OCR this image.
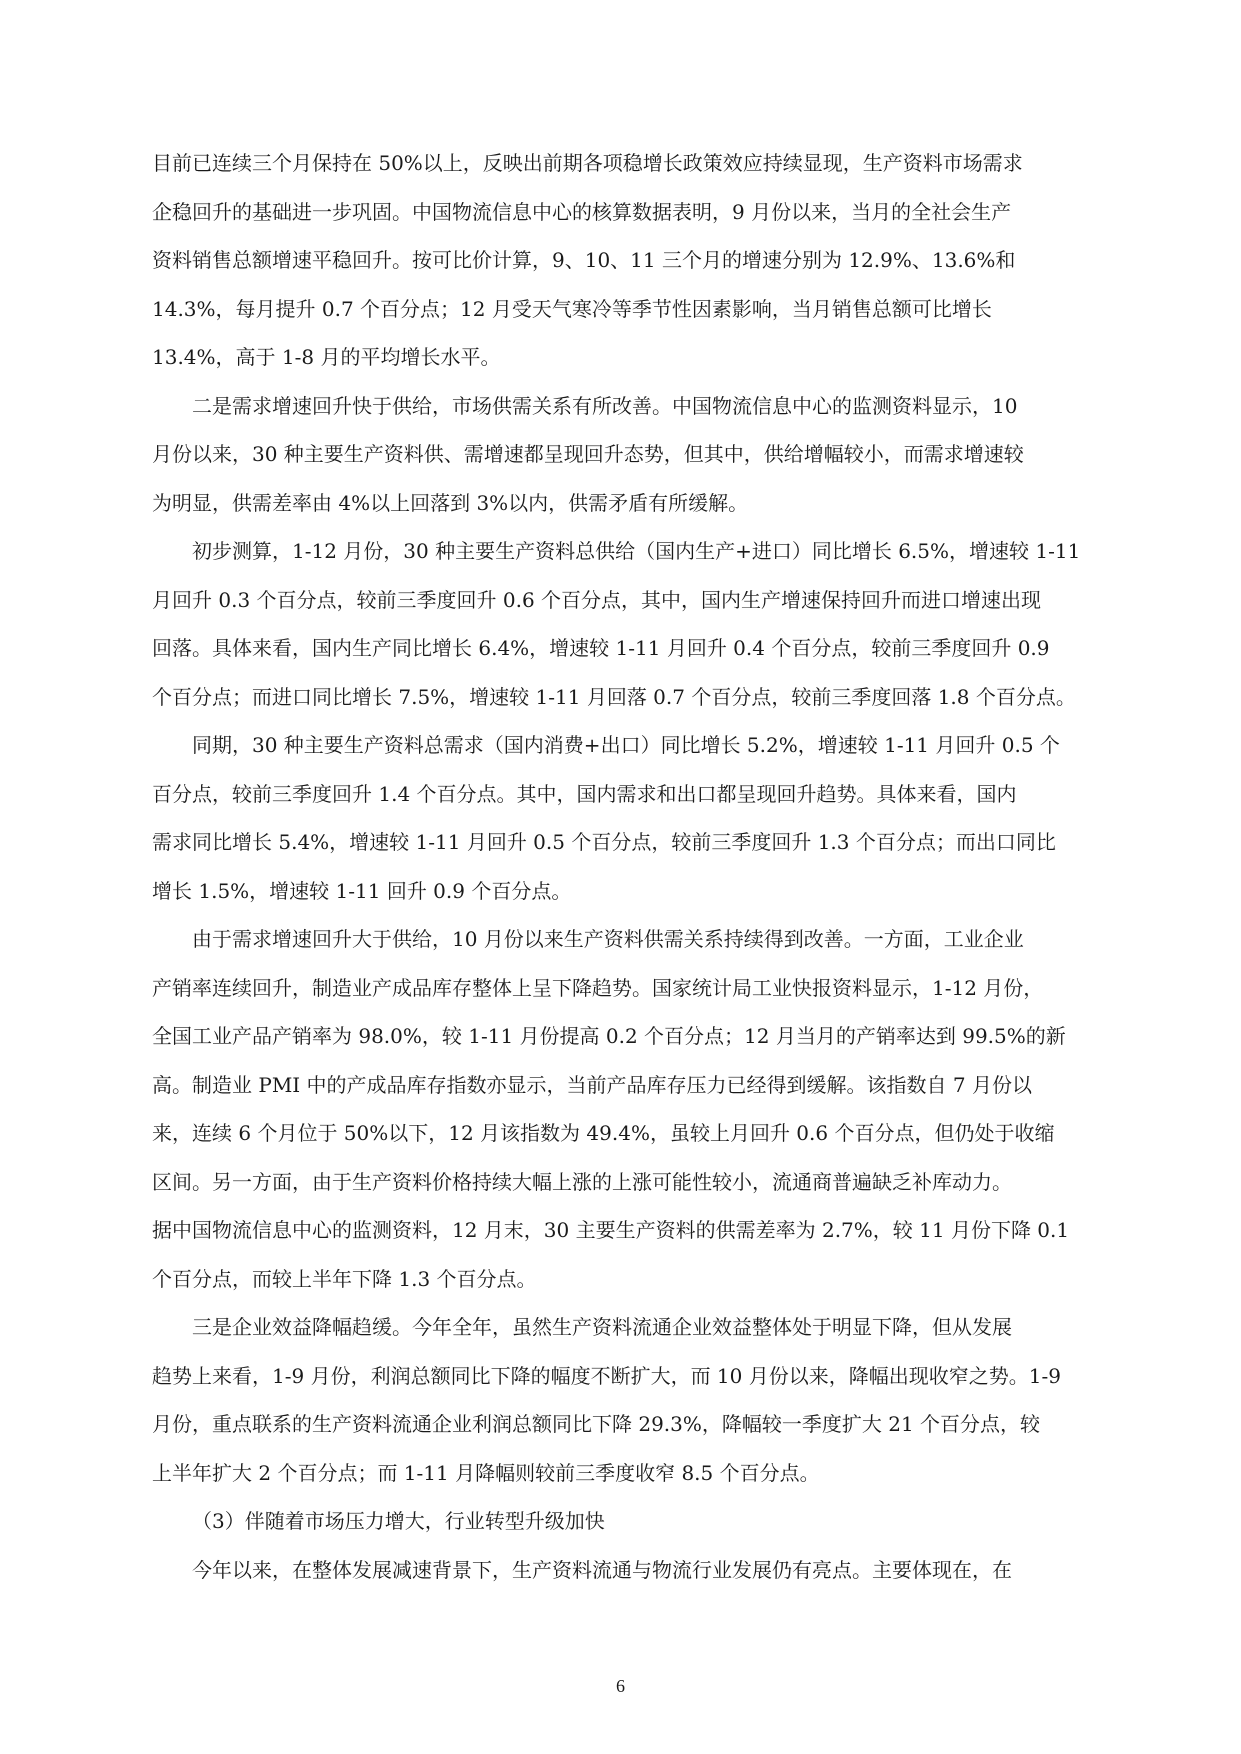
目前已连续三个月保持在 50%以上，反映出前期各项稳增长政策效应持续显现，生产资料市场需求
企稳回升的基础进一步巩固。中国物流信息中心的核算数据表明，9 月份以来，当月的全社会生产
资料销售总额增速平稳回升。按可比价计算，9、10、11 三个月的增速分别为 12.9%、13.6%和
14.3%，每月提升 0.7 个百分点；12 月受天气寒冷等季节性因素影响，当月销售总额可比增长
13.4%，高于 1-8 月的平均增长水平。
二是需求增速回升快于供给，市场供需关系有所改善。中国物流信息中心的监测资料显示，10
月份以来，30 种主要生产资料供、需增速都呈现回升态势，但其中，供给增幅较小，而需求增速较
为明显，供需差率由 4%以上回落到 3%以内，供需矛盾有所缓解。
初步测算，1-12 月份，30 种主要生产资料总供给（国内生产+进口）同比增长 6.5%，增速较 1-11
月回升 0.3 个百分点，较前三季度回升 0.6 个百分点，其中，国内生产增速保持回升而进口增速出现
回落。具体来看，国内生产同比增长 6.4%，增速较 1-11 月回升 0.4 个百分点，较前三季度回升 0.9
个百分点；而进口同比增长 7.5%，增速较 1-11 月回落 0.7 个百分点，较前三季度回落 1.8 个百分点。
同期，30 种主要生产资料总需求（国内消费+出口）同比增长 5.2%，增速较 1-11 月回升 0.5 个
百分点，较前三季度回升 1.4 个百分点。其中，国内需求和出口都呈现回升趋势。具体来看，国内
需求同比增长 5.4%，增速较 1-11 月回升 0.5 个百分点，较前三季度回升 1.3 个百分点；而出口同比
增长 1.5%，增速较 1-11 回升 0.9 个百分点。
由于需求增速回升大于供给，10 月份以来生产资料供需关系持续得到改善。一方面，工业企业
产销率连续回升，制造业产成品库存整体上呈下降趋势。国家统计局工业快报资料显示，1-12 月份，
全国工业产品产销率为 98.0%，较 1-11 月份提高 0.2 个百分点；12 月当月的产销率达到 99.5%的新
高。制造业 PMI 中的产成品库存指数亦显示，当前产品库存压力已经得到缓解。该指数自 7 月份以
来，连续 6 个月位于 50%以下，12 月该指数为 49.4%，虽较上月回升 0.6 个百分点，但仍处于收缩
区间。另一方面，由于生产资料价格持续大幅上涨的上涨可能性较小，流通商普遍缺乏补库动力。
据中国物流信息中心的监测资料，12 月末，30 主要生产资料的供需差率为 2.7%，较 11 月份下降 0.1
个百分点，而较上半年下降 1.3 个百分点。
三是企业效益降幅趋缓。今年全年，虽然生产资料流通企业效益整体处于明显下降，但从发展
趋势上来看，1-9 月份，利润总额同比下降的幅度不断扩大，而 10 月份以来，降幅出现收窄之势。1-9
月份，重点联系的生产资料流通企业利润总额同比下降 29.3%，降幅较一季度扩大 21 个百分点，较
上半年扩大 2 个百分点；而 1-11 月降幅则较前三季度收窄 8.5 个百分点。
（3）伴随着市场压力增大，行业转型升级加快
今年以来，在整体发展减速背景下，生产资料流通与物流行业发展仍有亮点。主要体现在，在
6
